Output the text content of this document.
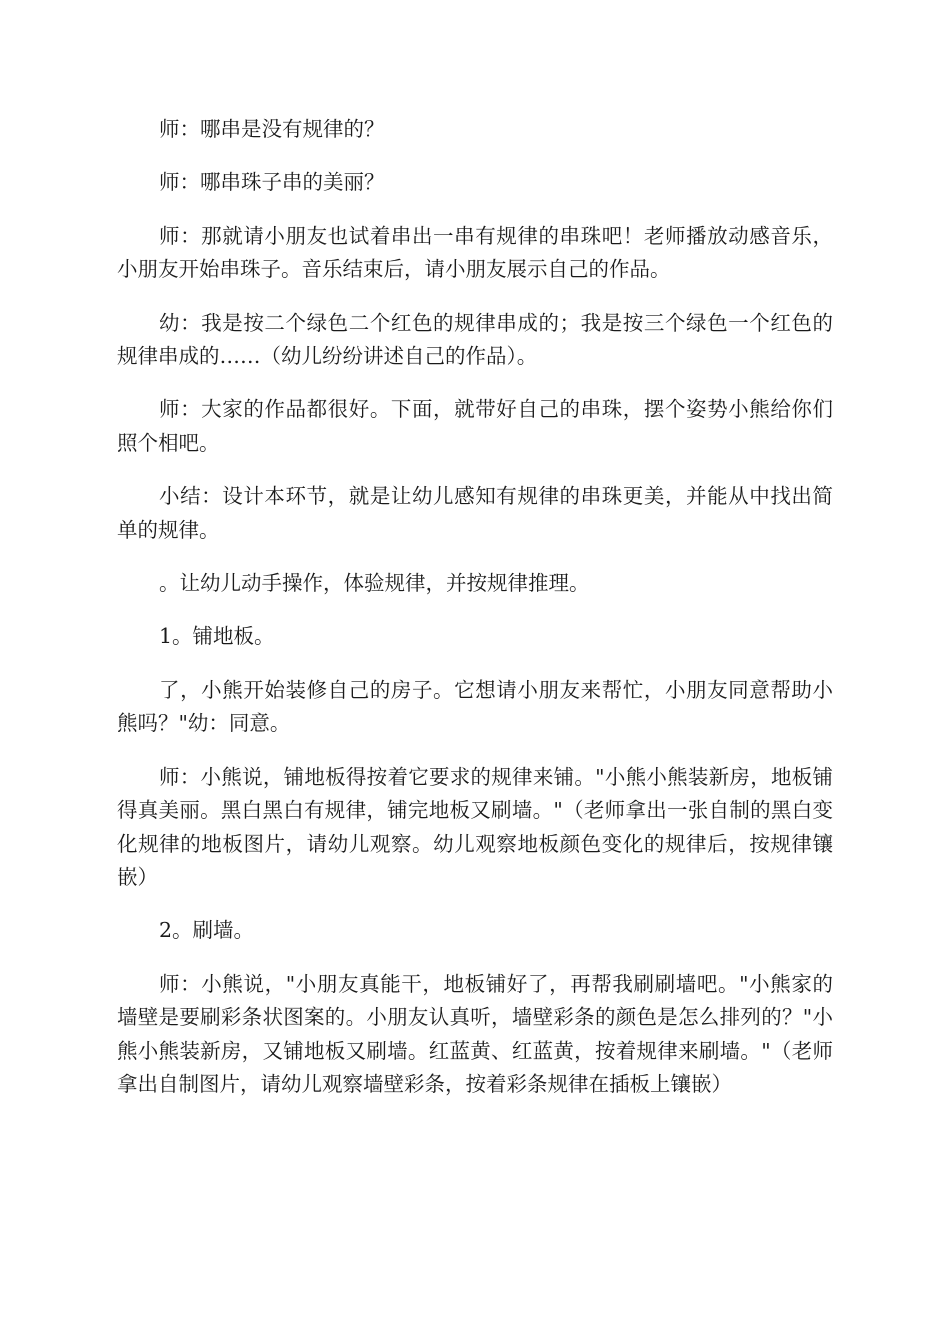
师：哪串是没有规律的？

师：哪串珠子串的美丽？

师：那就请小朋友也试着串出一串有规律的串珠吧！老师播放动感音乐，小朋友开始串珠子。音乐结束后，请小朋友展示自己的作品。

幼：我是按二个绿色二个红色的规律串成的；我是按三个绿色一个红色的规律串成的……（幼儿纷纷讲述自己的作品）。

师：大家的作品都很好。下面，就带好自己的串珠，摆个姿势小熊给你们照个相吧。

小结：设计本环节，就是让幼儿感知有规律的串珠更美，并能从中找出简单的规律。

。让幼儿动手操作，体验规律，并按规律推理。

1。铺地板。

了，小熊开始装修自己的房子。它想请小朋友来帮忙，小朋友同意帮助小熊吗？"幼：同意。

师：小熊说，铺地板得按着它要求的规律来铺。"小熊小熊装新房，地板铺得真美丽。黑白黑白有规律，铺完地板又刷墙。"（老师拿出一张自制的黑白变化规律的地板图片，请幼儿观察。幼儿观察地板颜色变化的规律后，按规律镶嵌）

2。刷墙。

师：小熊说，"小朋友真能干，地板铺好了，再帮我刷刷墙吧。"小熊家的墙壁是要刷彩条状图案的。小朋友认真听，墙壁彩条的颜色是怎么排列的？"小熊小熊装新房，又铺地板又刷墙。红蓝黄、红蓝黄，按着规律来刷墙。"（老师拿出自制图片，请幼儿观察墙壁彩条，按着彩条规律在插板上镶嵌）
